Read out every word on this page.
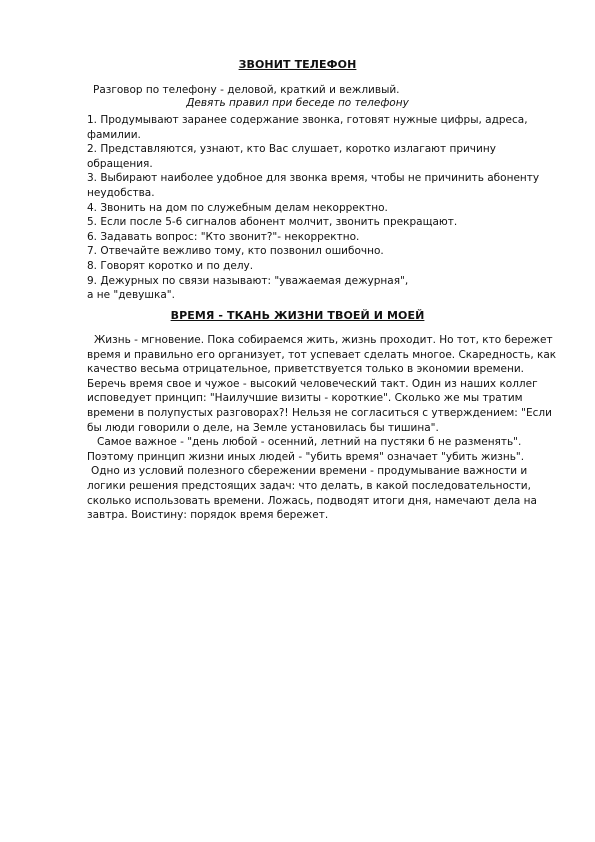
ЗВОНИТ ТЕЛЕФОН
Разговор по телефону - деловой, краткий и вежливый.
Девять правил при беседе по телефону

1. Продумывают заранее содержание звонка, готовят нужные цифры, адреса, фамилии.

2. Представляются, узнают, кто Вас слушает, коротко излагают причину обращения.

3. Выбирают наиболее удобное для звонка время, чтобы не причинить абоненту неудобства.

4. Звонить на дом по служебным делам некорректно.

5. Если после 5-6 сигналов абонент молчит, звонить прекращают.

6. Задавать вопрос: "Кто звонит?"- некорректно.

7. Отвечайте вежливо тому, кто позвонил ошибочно.

8. Говорят коротко и по делу.

9. Дежурных по связи называют: "уважаемая дежурная",

а не "девушка".

ВРЕМЯ - ТКАНЬ ЖИЗНИ ТВОЕЙ И МОЕЙ

Жизнь - мгновение. Пока собираемся жить, жизнь проходит. Но тот, кто бережет время и правильно его организует, тот успевает сделать многое. Скаредность, как качество весьма отрицательное, приветствуется только в экономии времени. Беречь время свое и чужое - высокий человеческий такт. Один из наших коллег исповедует принцип: "Наилучшие визиты - короткие". Сколько же мы тратим времени в полупустых разговорах?! Нельзя не согласиться с утверждением: "Если бы люди говорили о деле, на Земле установилась бы тишина".

Самое важное - "день любой - осенний, летний на пустяки б не разменять". Поэтому принцип жизни иных людей - "убить время" означает "убить жизнь".

Одно из условий полезного сбережении времени - продумывание важности и логики решения предстоящих задач: что делать, в какой последовательности, сколько использовать времени. Ложась, подводят итоги дня, намечают дела на завтра. Воистину: порядок время бережет.
